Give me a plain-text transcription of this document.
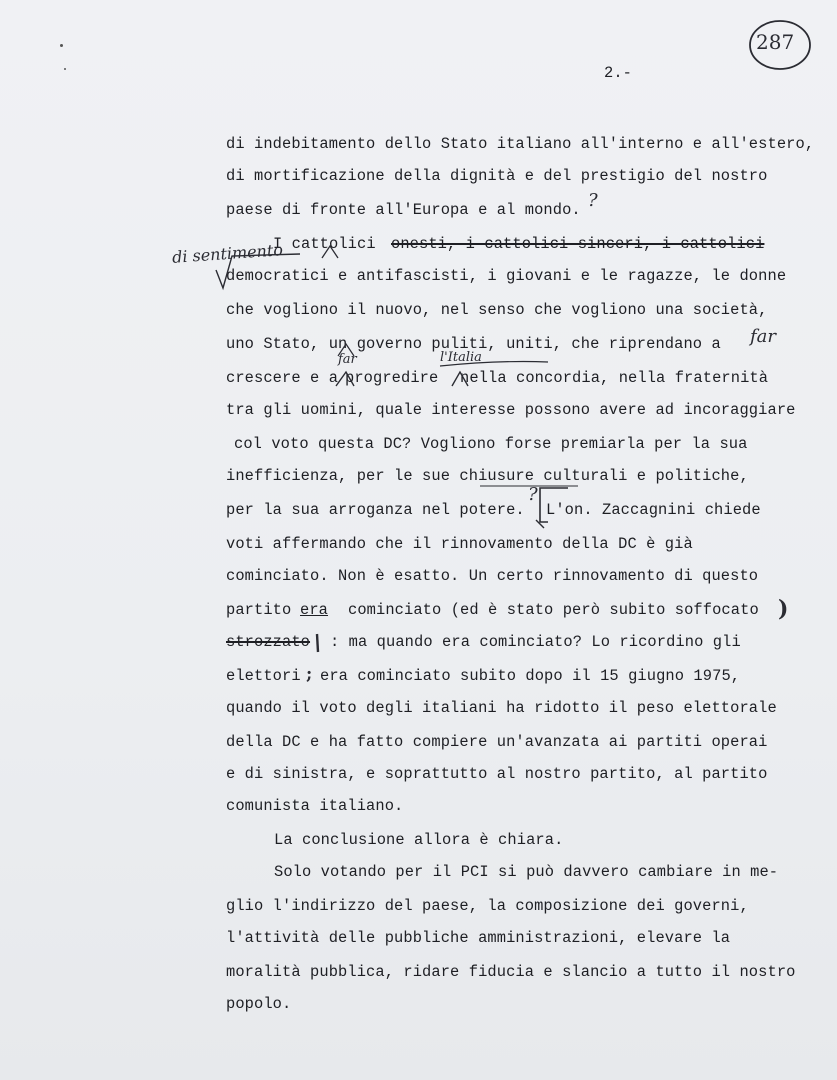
287
2.-
di indebitamento dello Stato italiano all'interno e all'estero,
di mortificazione della dignità e del prestigio del nostro
paese di fronte all'Europa e al mondo.
I cattolici onesti, i cattolici sinceri, i cattolici
democratici e antifascisti, i giovani e le ragazze, le donne
che vogliono il nuovo, nel senso che vogliono una società,
uno Stato, un governo puliti, uniti, che riprendano a
crescere e a progredire nella concordia, nella fraternità
tra gli uomini, quale interesse possono avere ad incoraggiare
col voto questa DC? Vogliono forse premiarla per la sua
inefficienza, per le sue chiusure culturali e politiche,
per la sua arroganza nel potere. L'on. Zaccagnini chiede
voti affermando che il rinnovamento della DC è già
cominciato. Non è esatto. Un certo rinnovamento di questo
partito era cominciato (ed è stato però subito soffocato
strozzato : ma quando era cominciato? Lo ricordino gli
elettori era cominciato subito dopo il 15 giugno 1975,
quando il voto degli italiani ha ridotto il peso elettorale
della DC e ha fatto compiere un'avanzata ai partiti operai
e di sinistra, e soprattutto al nostro partito, al partito
comunista italiano.
La conclusione allora è chiara.
Solo votando per il PCI si può davvero cambiare in me-
glio l'indirizzo del paese, la composizione dei governi,
l'attività delle pubbliche amministrazioni, elevare la
moralità pubblica, ridare fiducia e slancio a tutto il nostro
popolo.
di sentimento
far
far	l'Italia
?
?
)
;
